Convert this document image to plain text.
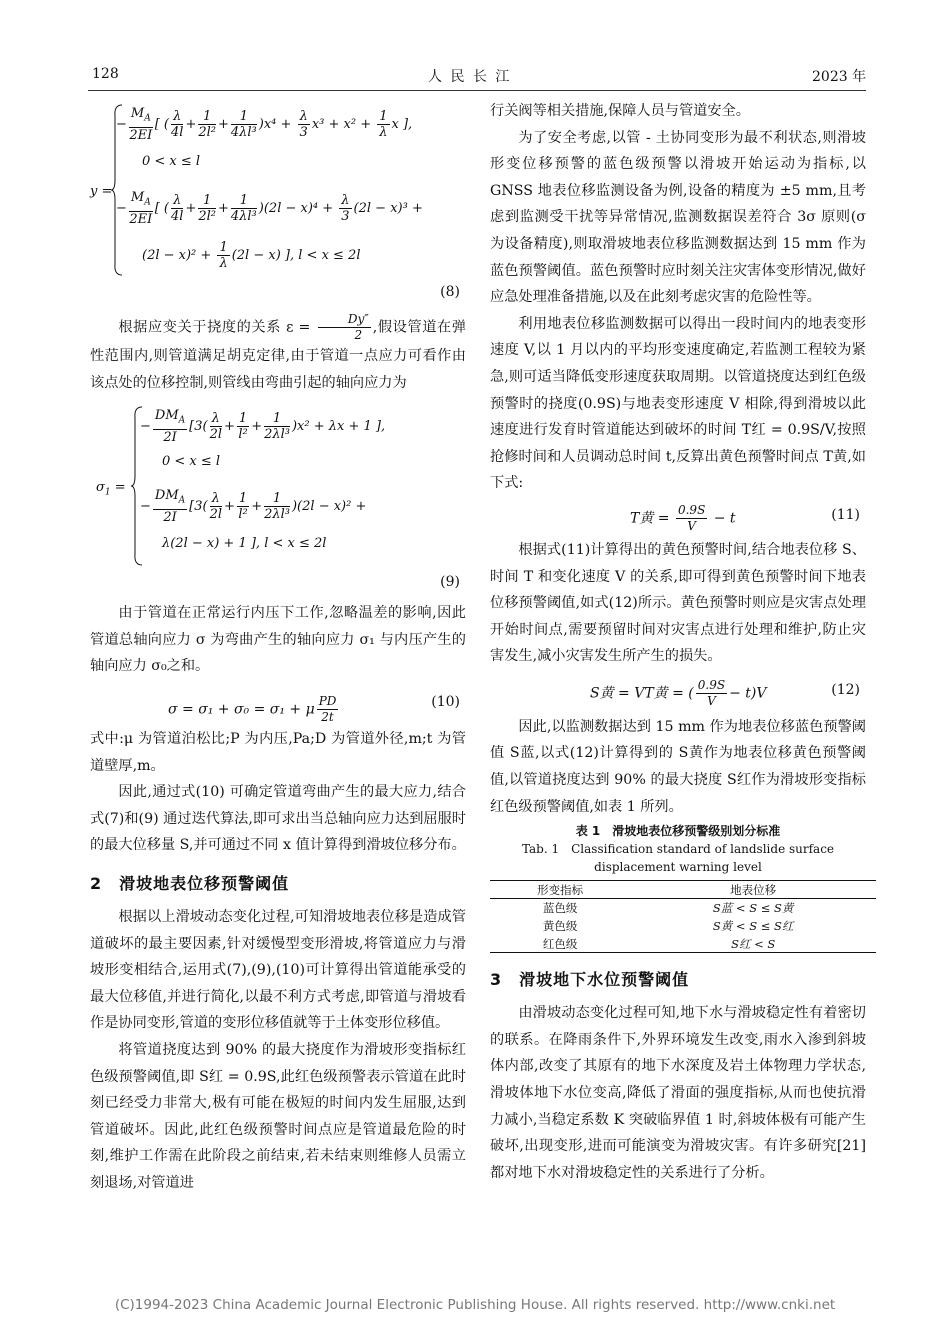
128	人 民 长 江	2023 年
y =
− $\frac{M_A}{2EI}$ [ ( $\frac{\lambda}{4l} + \frac{1}{\text{2l²}} + \frac{1}{\text{4λl³}} )x^4 + \frac{\lambda}{3} x^3 + x^2 + \frac{1}{\lambda}$ x ],
0 < x ≤ l
− $\frac{M_A}{2EI}$ [ ( $\frac{\lambda}{4l} + \frac{1}{\text{2l²}} + \frac{1}{\text{4λl³}} )(2l - x)^4 + \frac{\lambda}{3} (2l - x)^3$ +
$(2l - x)^2 + \frac{1}{\lambda} (2l - x)$ ], l < x ≤ 2l
(8)

根据应变关于挠度的关系 $\varepsilon = \frac{Dy''}{2}$ ,假设管道在弹性范围内,则管道满足胡克定律,由于管道一点应力可看作由该点处的位移控制,则管线由弯曲引起的轴向应力为

$\sigma_1$ =
− $\frac{DM_A}{2I} [3( \frac{\lambda}{2l} + \frac{1}{\text{l²}} + \frac{1}{\text{2λl³}} )x^2 + \lambda x + 1$ ],
0 < x ≤ l
− $\frac{DM_A}{2I} [3( \frac{\lambda}{2l} + \frac{1}{\text{l²}} + \frac{1}{\text{2λl³}} )(2l - x)^2$ +
λ(2l − x) + 1 ], l < x ≤ 2l
(9)

由于管道在正常运行内压下工作,忽略温差的影响,因此管道总轴向应力 σ 为弯曲产生的轴向应力 σ₁ 与内压产生的轴向应力 σ₀之和。

σ = σ₁ + σ₀ = σ₁ + μ $\frac{PD}{2t}$	(10)

式中:μ 为管道泊松比;P 为内压,Pa;D 为管道外径,m;t 为管道壁厚,m。

因此,通过式(10) 可确定管道弯曲产生的最大应力,结合式(7)和(9) 通过迭代算法,即可求出当总轴向应力达到屈服时的最大位移量 S,并可通过不同 x 值计算得到滑坡位移分布。

2　滑坡地表位移预警阈值

根据以上滑坡动态变化过程,可知滑坡地表位移是造成管道破坏的最主要因素,针对缓慢型变形滑坡,将管道应力与滑坡形变相结合,运用式(7),(9),(10)可计算得出管道能承受的最大位移值,并进行简化,以最不利方式考虑,即管道与滑坡看作是协同变形,管道的变形位移值就等于土体变形位移值。

将管道挠度达到 90% 的最大挠度作为滑坡形变指标红色级预警阈值,即 S红 = 0.9S,此红色级预警表示管道在此时刻已经受力非常大,极有可能在极短的时间内发生屈服,达到管道破坏。因此,此红色级预警时间点应是管道最危险的时刻,维护工作需在此阶段之前结束,若未结束则维修人员需立刻退场,对管道进

行关阀等相关措施,保障人员与管道安全。

为了安全考虑,以管 - 土协同变形为最不利状态,则滑坡形变位移预警的蓝色级预警以滑坡开始运动为指标,以 GNSS 地表位移监测设备为例,设备的精度为 ±5 mm,且考虑到监测受干扰等异常情况,监测数据误差符合 3σ 原则(σ 为设备精度),则取滑坡地表位移监测数据达到 15 mm 作为蓝色预警阈值。蓝色预警时应时刻关注灾害体变形情况,做好应急处理准备措施,以及在此刻考虑灾害的危险性等。

利用地表位移监测数据可以得出一段时间内的地表变形速度 V,以 1 月以内的平均形变速度确定,若监测工程较为紧急,则可适当降低变形速度获取周期。以管道挠度达到红色级预警时的挠度(0.9S)与地表变形速度 V 相除,得到滑坡以此速度进行发育时管道能达到破坏的时间 T红 = 0.9S/V,按照抢修时间和人员调动总时间 t,反算出黄色预警时间点 T黄,如下式:

T黄 = $\frac{0.9S}{V} - t$	(11)

根据式(11)计算得出的黄色预警时间,结合地表位移 S、时间 T 和变化速度 V 的关系,即可得到黄色预警时间下地表位移预警阈值,如式(12)所示。黄色预警时则应是灾害点处理开始时间点,需要预留时间对灾害点进行处理和维护,防止灾害发生,减小灾害发生所产生的损失。

S黄 = VT黄 = ( $\frac{0.9S}{V} - t)V$	(12)

因此,以监测数据达到 15 mm 作为地表位移蓝色预警阈值 S蓝,以式(12)计算得到的 S黄作为地表位移黄色预警阈值,以管道挠度达到 90% 的最大挠度 S红作为滑坡形变指标红色级预警阈值,如表 1 所列。

表 1　滑坡地表位移预警级别划分标准
Tab. 1　Classification standard of landslide surface displacement warning level
形变指标	地表位移
蓝色级	S蓝 < S ≤ S黄
黄色级	S黄 < S ≤ S红
红色级	S红 < S
3　滑坡地下水位预警阈值

由滑坡动态变化过程可知,地下水与滑坡稳定性有着密切的联系。在降雨条件下,外界环境发生改变,雨水入渗到斜坡体内部,改变了其原有的地下水深度及岩土体物理力学状态,滑坡体地下水位变高,降低了滑面的强度指标,从而也使抗滑力减小,当稳定系数 K 突破临界值 1 时,斜坡体极有可能产生破坏,出现变形,进而可能演变为滑坡灾害。有许多研究[21]都对地下水对滑坡稳定性的关系进行了分析。

(C)1994-2023 China Academic Journal Electronic Publishing House. All rights reserved. http://www.cnki.net
